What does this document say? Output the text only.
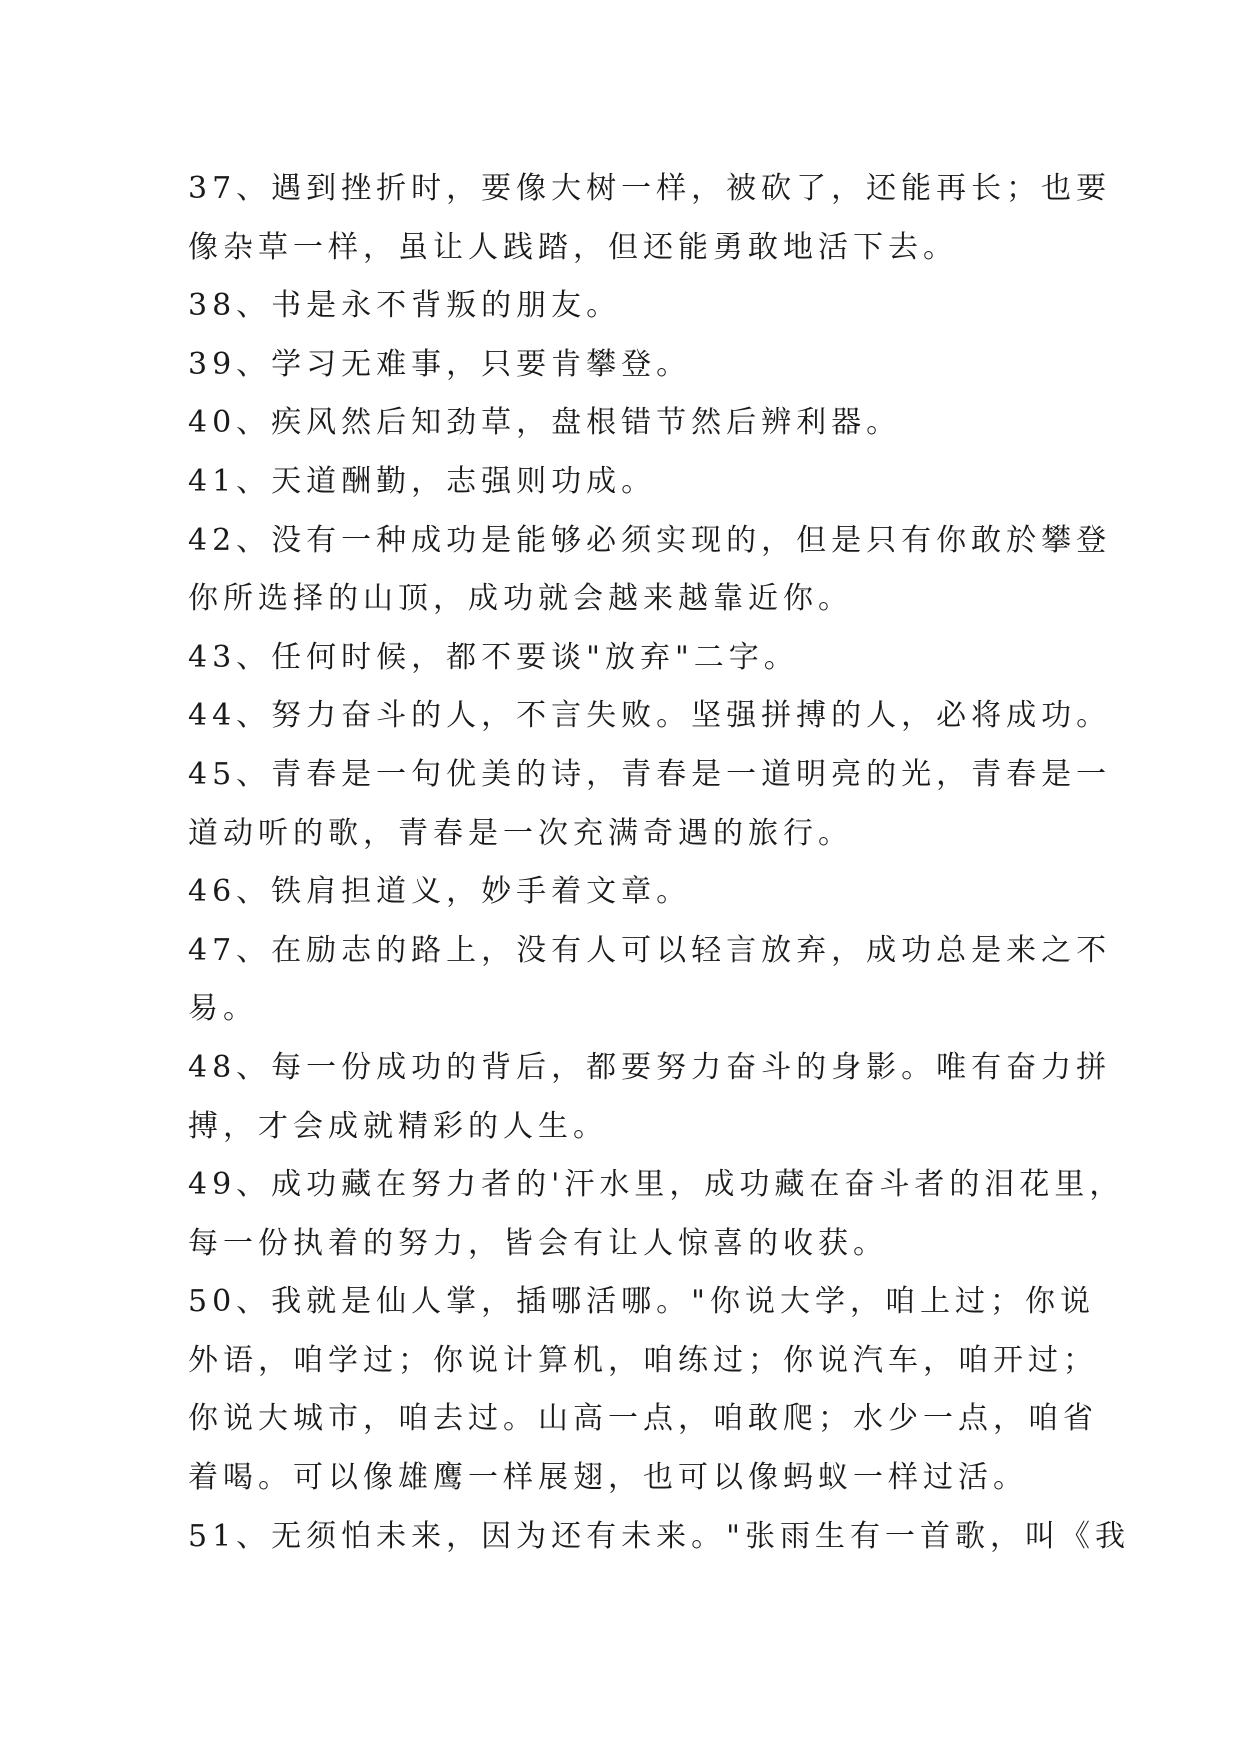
37、遇到挫折时，要像大树一样，被砍了，还能再长；也要
像杂草一样，虽让人践踏，但还能勇敢地活下去。
38、书是永不背叛的朋友。
39、学习无难事，只要肯攀登。
40、疾风然后知劲草，盘根错节然后辨利器。
41、天道酬勤，志强则功成。
42、没有一种成功是能够必须实现的，但是只有你敢於攀登
你所选择的山顶，成功就会越来越靠近你。
43、任何时候，都不要谈"放弃"二字。
44、努力奋斗的人，不言失败。坚强拼搏的人，必将成功。
45、青春是一句优美的诗，青春是一道明亮的光，青春是一
道动听的歌，青春是一次充满奇遇的旅行。
46、铁肩担道义，妙手着文章。
47、在励志的路上，没有人可以轻言放弃，成功总是来之不
易。
48、每一份成功的背后，都要努力奋斗的身影。唯有奋力拼
搏，才会成就精彩的人生。
49、成功藏在努力者的'汗水里，成功藏在奋斗者的泪花里，
每一份执着的努力，皆会有让人惊喜的收获。
50、我就是仙人掌，插哪活哪。"你说大学，咱上过；你说
外语，咱学过；你说计算机，咱练过；你说汽车，咱开过；
你说大城市，咱去过。山高一点，咱敢爬；水少一点，咱省
着喝。可以像雄鹰一样展翅，也可以像蚂蚁一样过活。
51、无须怕未来，因为还有未来。"张雨生有一首歌，叫《我
